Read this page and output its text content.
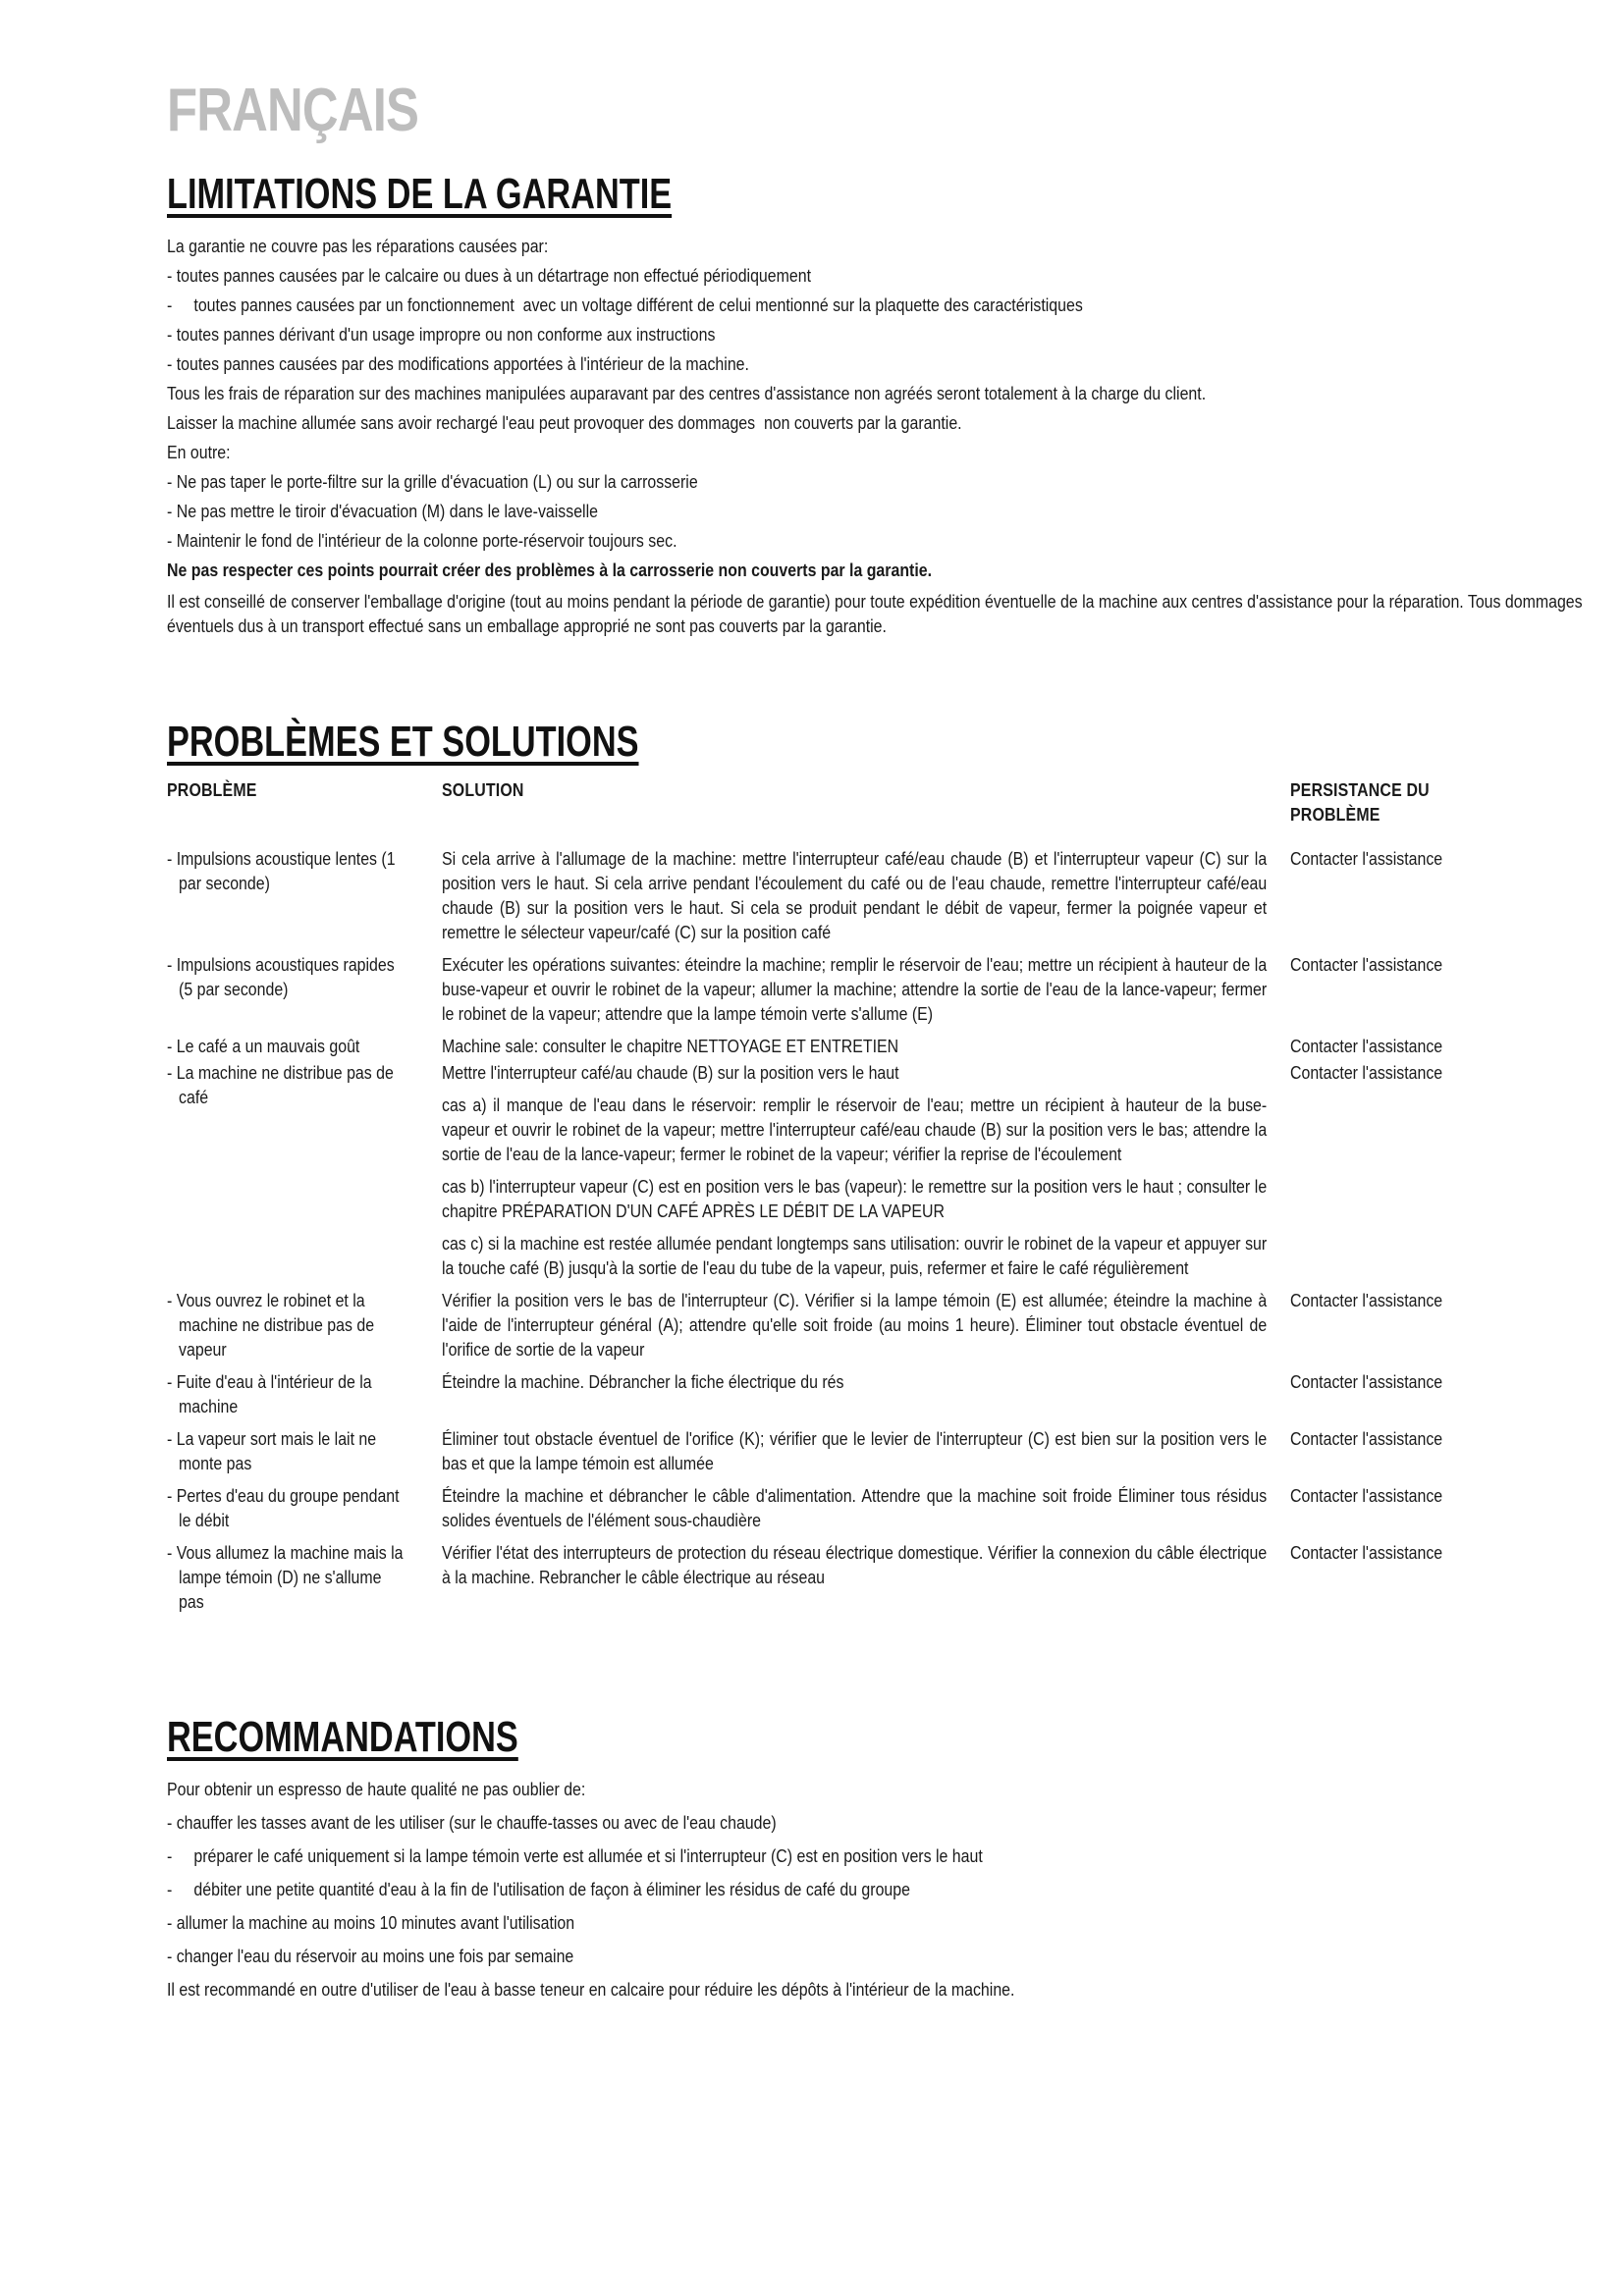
FRANÇAIS
LIMITATIONS DE LA GARANTIE
La garantie ne couvre pas les réparations causées par:
- toutes pannes causées par le calcaire ou dues à un détartrage non effectué périodiquement
-     toutes pannes causées par un fonctionnement  avec un voltage différent de celui mentionné sur la plaquette des caractéristiques
- toutes pannes dérivant d'un usage impropre ou non conforme aux instructions
- toutes pannes causées par des modifications apportées à l'intérieur de la machine.
Tous les frais de réparation sur des machines manipulées auparavant par des centres d'assistance non agréés seront totalement à la charge du client.
Laisser la machine allumée sans avoir rechargé l'eau peut provoquer des dommages  non couverts par la garantie.
En outre:
- Ne pas taper le porte-filtre sur la grille d'évacuation (L) ou sur la carrosserie
- Ne pas mettre le tiroir d'évacuation (M) dans le lave-vaisselle
- Maintenir le fond de l'intérieur de la colonne porte-réservoir toujours sec.
Ne pas respecter ces points pourrait créer des problèmes à la carrosserie non couverts par la garantie.
Il est conseillé de conserver l'emballage d'origine (tout au moins pendant la période de garantie) pour toute expédition éventuelle de la machine aux centres d'assistance pour la réparation. Tous dommages éventuels dus à un transport effectué sans un emballage approprié ne sont pas couverts par la garantie.
PROBLÈMES ET SOLUTIONS
PROBLÈME	SOLUTION	PERSISTANCE DU PROBLÈME

- Impulsions acoustique lentes (1 par seconde)	Si cela arrive à l'allumage de la machine: mettre l'interrupteur café/eau chaude (B) et l'interrupteur vapeur (C) sur la position vers le haut. Si cela arrive pendant l'écoulement du café ou de l'eau chaude, remettre l'interrupteur café/eau chaude (B) sur la position vers le haut. Si cela se produit pendant le débit de vapeur, fermer la poignée vapeur et remettre le sélecteur vapeur/café (C) sur la position café	Contacter l'assistance

- Impulsions acoustiques rapides (5 par seconde)	Exécuter les opérations suivantes: éteindre la machine; remplir le réservoir de l'eau; mettre un récipient à hauteur de la buse-vapeur et ouvrir le robinet de la vapeur; allumer la machine; attendre la sortie de l'eau de la lance-vapeur; fermer le robinet de la vapeur; attendre que la lampe témoin verte s'allume (E)	Contacter l'assistance

- Le café a un mauvais goût	Machine sale: consulter le chapitre NETTOYAGE ET ENTRETIEN	Contacter l'assistance

- La machine ne distribue pas de café	Mettre l'interrupteur café/au chaude (B) sur la position vers le haut
cas a) il manque de l'eau dans le réservoir: remplir le réservoir de l'eau; mettre un récipient à hauteur de la buse-vapeur et ouvrir le robinet de la vapeur; mettre l'interrupteur café/eau chaude (B) sur la position vers le bas; attendre la sortie de l'eau de la lance-vapeur; fermer le robinet de la vapeur; vérifier la reprise de l'écoulement
cas b) l'interrupteur vapeur (C) est en position vers le bas (vapeur): le remettre sur la position vers le haut ; consulter le chapitre PRÉPARATION D'UN CAFÉ APRÈS LE DÉBIT DE LA VAPEUR
cas c) si la machine est restée allumée pendant longtemps sans utilisation: ouvrir le robinet de la vapeur et appuyer sur la touche café (B) jusqu'à la sortie de l'eau du tube de la vapeur, puis, refermer et faire le café régulièrement	Contacter l'assistance

- Vous ouvrez le robinet et la machine ne distribue pas de vapeur	Vérifier la position vers le bas de l'interrupteur (C). Vérifier si la lampe témoin (E) est allumée; éteindre la machine à l'aide de l'interrupteur général (A); attendre qu'elle soit froide (au moins 1 heure). Éliminer tout obstacle éventuel de l'orifice de sortie de la vapeur	Contacter l'assistance

- Fuite d'eau à l'intérieur de la machine	Éteindre la machine. Débrancher la fiche électrique du rés	Contacter l'assistance

- La vapeur sort mais le lait ne monte pas	Éliminer tout obstacle éventuel de l'orifice (K); vérifier que le levier de l'interrupteur (C) est bien sur la position vers le bas et que la lampe témoin est allumée	Contacter l'assistance

- Pertes d'eau du groupe pendant le débit	Éteindre la machine et débrancher le câble d'alimentation. Attendre que la machine soit froide Éliminer tous résidus solides éventuels de l'élément sous-chaudière	Contacter l'assistance

- Vous allumez la machine mais la lampe témoin (D) ne s'allume pas	Vérifier l'état des interrupteurs de protection du réseau électrique domestique. Vérifier la connexion du câble électrique à la machine. Rebrancher le câble électrique au réseau	Contacter l'assistance
RECOMMANDATIONS
Pour obtenir un espresso de haute qualité ne pas oublier de:
- chauffer les tasses avant de les utiliser (sur le chauffe-tasses ou avec de l'eau chaude)
-     préparer le café uniquement si la lampe témoin verte est allumée et si l'interrupteur (C) est en position vers le haut
-     débiter une petite quantité d'eau à la fin de l'utilisation de façon à éliminer les résidus de café du groupe
- allumer la machine au moins 10 minutes avant l'utilisation
- changer l'eau du réservoir au moins une fois par semaine
Il est recommandé en outre d'utiliser de l'eau à basse teneur en calcaire pour réduire les dépôts à l'intérieur de la machine.
